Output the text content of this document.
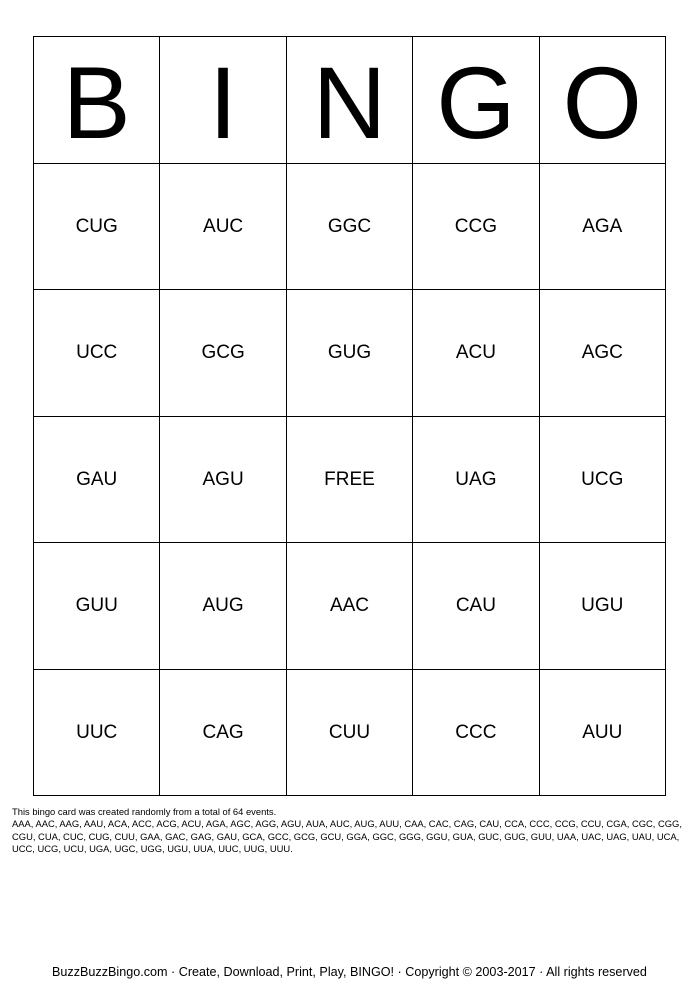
B I N G O
CUG	AUC	GGC	CCG	AGA
UCC	GCG	GUG	ACU	AGC
GAU	AGU	FREE	UAG	UCG
GUU	AUG	AAC	CAU	UGU
UUC	CAG	CUU	CCC	AUU

This bingo card was created randomly from a total of 64 events.

AAA, AAC, AAG, AAU, ACA, ACC, ACG, ACU, AGA, AGC, AGG, AGU, AUA, AUC, AUG, AUU, CAA, CAC, CAG, CAU, CCA, CCC, CCG, CCU, CGA, CGC, CGG, CGU, CUA, CUC, CUG, CUU, GAA, GAC, GAG, GAU, GCA, GCC, GCG, GCU, GGA, GGC, GGG, GGU, GUA, GUC, GUG, GUU, UAA, UAC, UAG, UAU, UCA, UCC, UCG, UCU, UGA, UGC, UGG, UGU, UUA, UUC, UUG, UUU.

BuzzBuzzBingo.com · Create, Download, Print, Play, BINGO! · Copyright © 2003-2017 · All rights reserved
